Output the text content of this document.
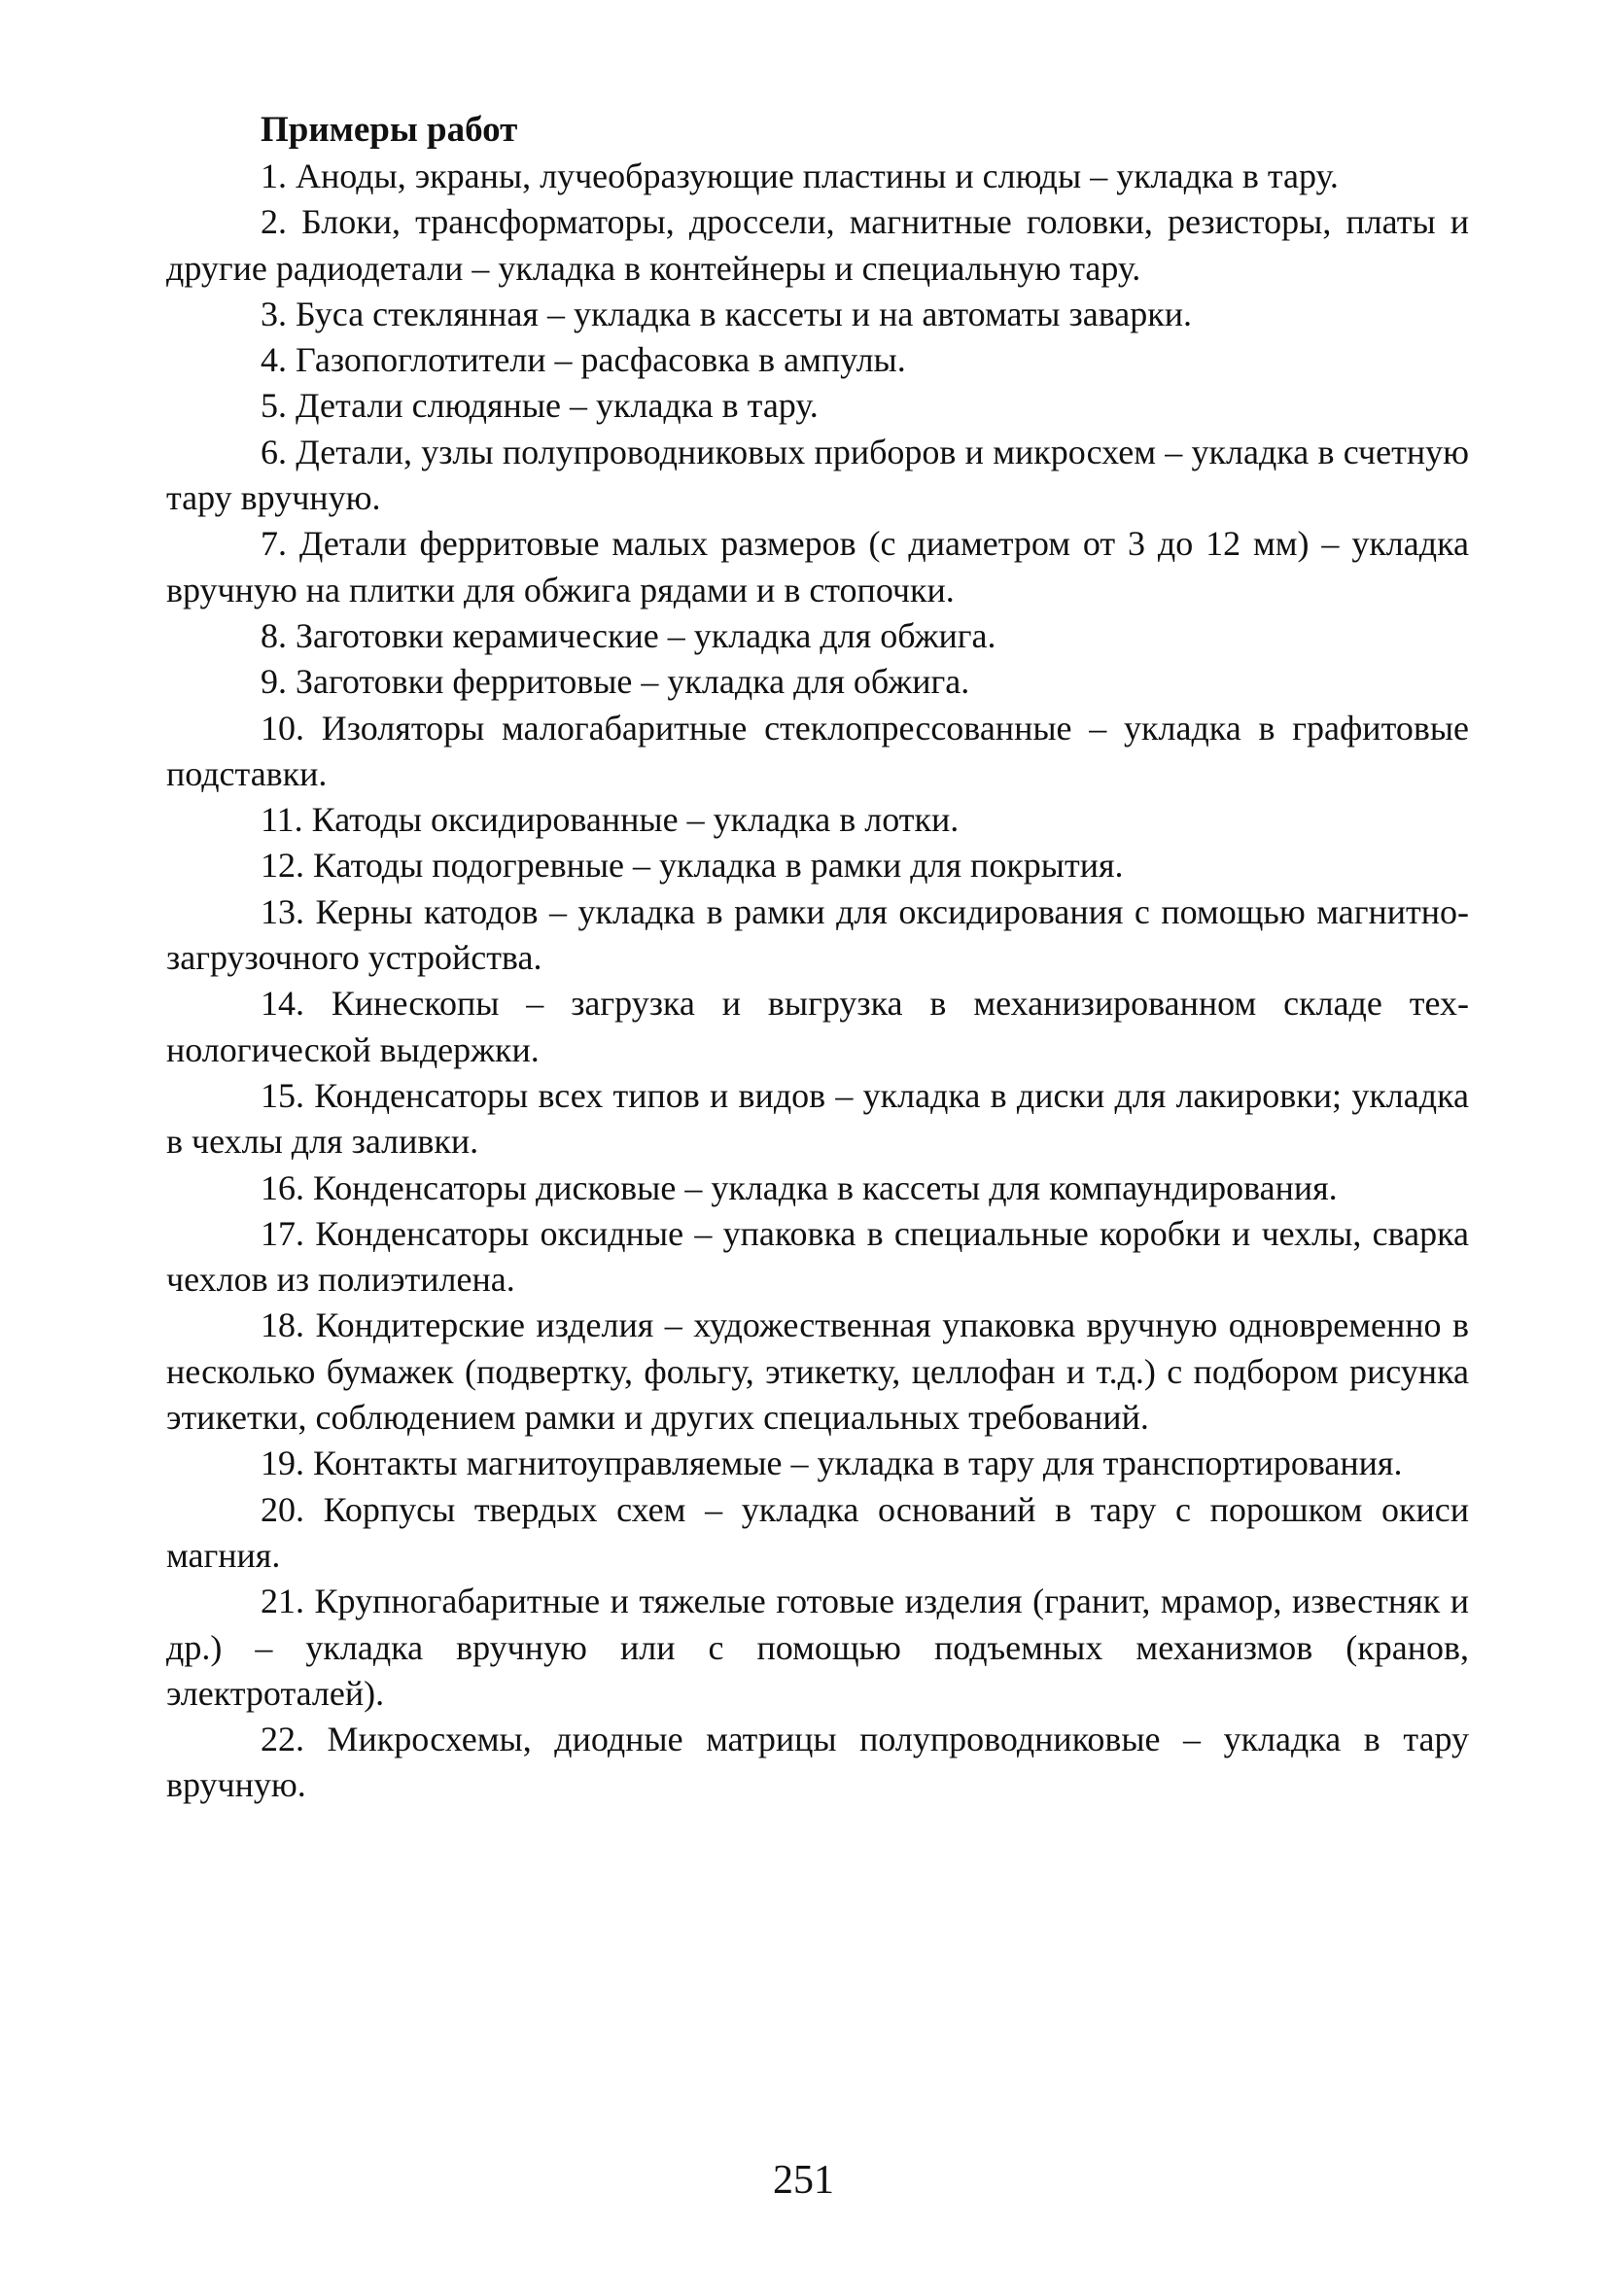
Примеры работ

1. Аноды, экраны, лучеобразующие пластины и слюды – укладка в тару.

2. Блоки, трансформаторы, дроссели, магнитные головки, резисторы, платы и другие радиодетали – укладка в контейнеры и специальную тару.

3. Буса стеклянная – укладка в кассеты и на автоматы заварки.

4. Газопоглотители – расфасовка в ампулы.

5. Детали слюдяные – укладка в тару.

6. Детали, узлы полупроводниковых приборов и микросхем – укладка в счетную тару вручную.

7. Детали ферритовые малых размеров (с диаметром от 3 до 12 мм) – укладка вручную на плитки для обжига рядами и в стопочки.

8. Заготовки керамические – укладка для обжига.

9. Заготовки ферритовые – укладка для обжига.

10. Изоляторы малогабаритные стеклопрессованные – укладка в графитовые подставки.

11. Катоды оксидированные – укладка в лотки.

12. Катоды подогревные – укладка в рамки для покрытия.

13. Керны катодов – укладка в рамки для оксидирования с помощью магнитно-загрузочного устройства.

14. Кинескопы – загрузка и выгрузка в механизированном складе технологической выдержки.

15. Конденсаторы всех типов и видов – укладка в диски для лакировки; укладка в чехлы для заливки.

16. Конденсаторы дисковые – укладка в кассеты для компаундирования.

17. Конденсаторы оксидные – упаковка в специальные коробки и чехлы, сварка чехлов из полиэтилена.

18. Кондитерские изделия – художественная упаковка вручную одновременно в несколько бумажек (подвертку, фольгу, этикетку, целлофан и т.д.) с подбором рисунка этикетки, соблюдением рамки и других специальных требований.

19. Контакты магнитоуправляемые – укладка в тару для транспортирования.

20. Корпусы твердых схем – укладка оснований в тару с порошком окиси магния.

21. Крупногабаритные и тяжелые готовые изделия (гранит, мрамор, известняк и др.) – укладка вручную или с помощью подъемных механизмов (кранов, электроталей).

22. Микросхемы, диодные матрицы полупроводниковые – укладка в тару вручную.

251
